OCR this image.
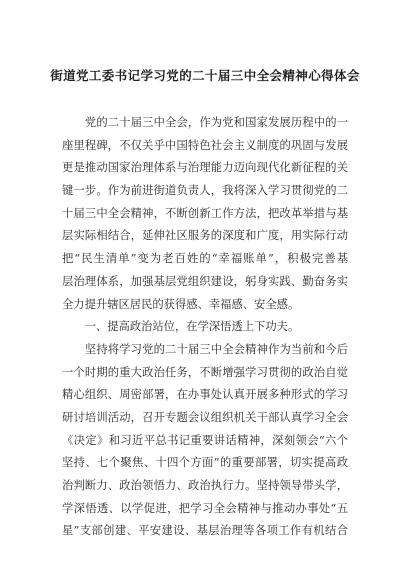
街道党工委书记学习党的二十届三中全会精神心得体会
　　党的二十届三中全会，作为党和国家发展历程中的一
座里程碑，不仅关乎中国特色社会主义制度的巩固与发展
更是推动国家治理体系与治理能力迈向现代化新征程的关
键一步。作为前进街道负责人，我将深入学习贯彻党的二
十届三中全会精神，不断创新工作方法，把改革举措与基
层实际相结合，延伸社区服务的深度和广度，用实际行动
把“民生清单”变为老百姓的“幸福账单”，积极完善基
层治理体系，加强基层党组织建设，躬身实践、勤奋务实
全力提升辖区居民的获得感、幸福感、安全感。
　　一、提高政治站位，在学深悟透上下功夫。
　　坚持将学习党的二十届三中全会精神作为当前和今后
一个时期的重大政治任务，不断增强学习贯彻的政治自觉
精心组织、周密部署，在办事处认真开展多种形式的学习
研讨培训活动，召开专题会议组织机关干部认真学习全会
《决定》和习近平总书记重要讲话精神，深刻领会“六个
坚持、七个聚焦、十四个方面”的重要部署，切实提高政
治判断力、政治领悟力、政治执行力。坚持领导带头学，
学深悟透、以学促进，把学习全会精神与推动办事处“五
星”支部创建、平安建设、基层治理等各项工作有机结合
